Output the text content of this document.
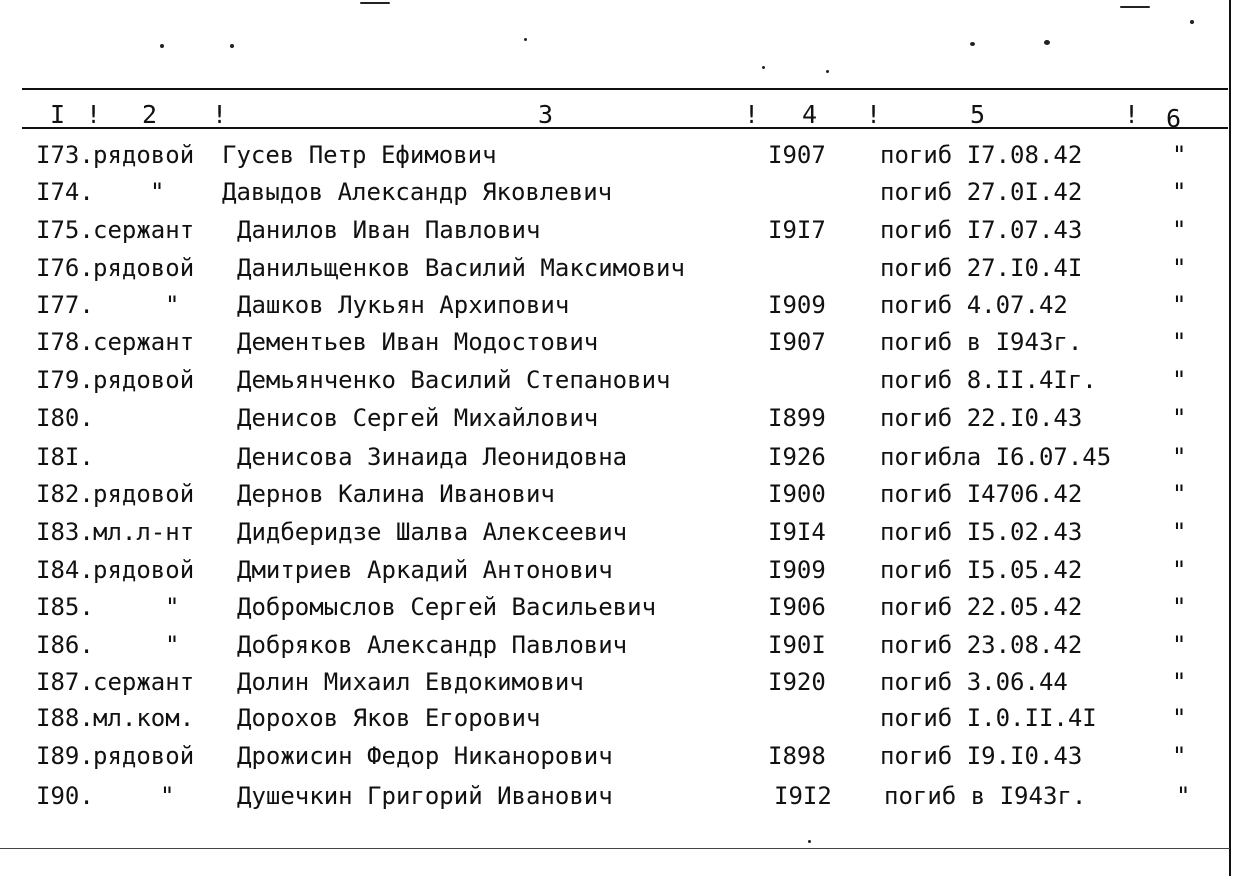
I ! 2 !	3	! 4 !	5	! 6
I73. рядовой Гусев Петр Ефимович	I907 погиб I7.08.42	"
I74. " Давыдов Александр Яковлевич	погиб 27.0I.42	"
I75. сержант Данилов Иван Павлович	I9I7 погиб I7.07.43	"
I76. рядовой Данильщенков Василий Максимович	погиб 27.I0.4I	"
I77.	" Дашков Лукьян Архипович	I909 погиб 4.07.42	"
I78. сержант Дементьев Иван Модостович	I907 погиб в I943г.	"
I79. рядовой Демьянченко Василий Степанович	погиб 8.II.4Iг.	"
I80.	Денисов Сергей Михайлович	I899 погиб 22.I0.43	"
I8I.	Денисова Зинаида Леонидовна	I926 погибла I6.07.45	"
I82. рядовой Дернов Калина Иванович	I900 погиб I4706.42	"
I83. мл.л-нт Дидберидзе Шалва Алексеевич	I9I4 погиб I5.02.43	"
I84. рядовой Дмитриев Аркадий Антонович	I909 погиб I5.05.42	"
I85.	" Добромыслов Сергей Васильевич	I906 погиб 22.05.42	"
I86.	" Добряков Александр Павлович	I90I погиб 23.08.42	"
I87. сержант Долин Михаил Евдокимович	I920 погиб 3.06.44	"
I88. мл.ком. Дорохов Яков Егорович	погиб I.0.II.4I	"
I89. рядовой Дрожисин Федор Никанорович	I898 погиб I9.I0.43	"
I90.	"	Душечкин Григорий Иванович	I9I2 погиб в I943г.	"
